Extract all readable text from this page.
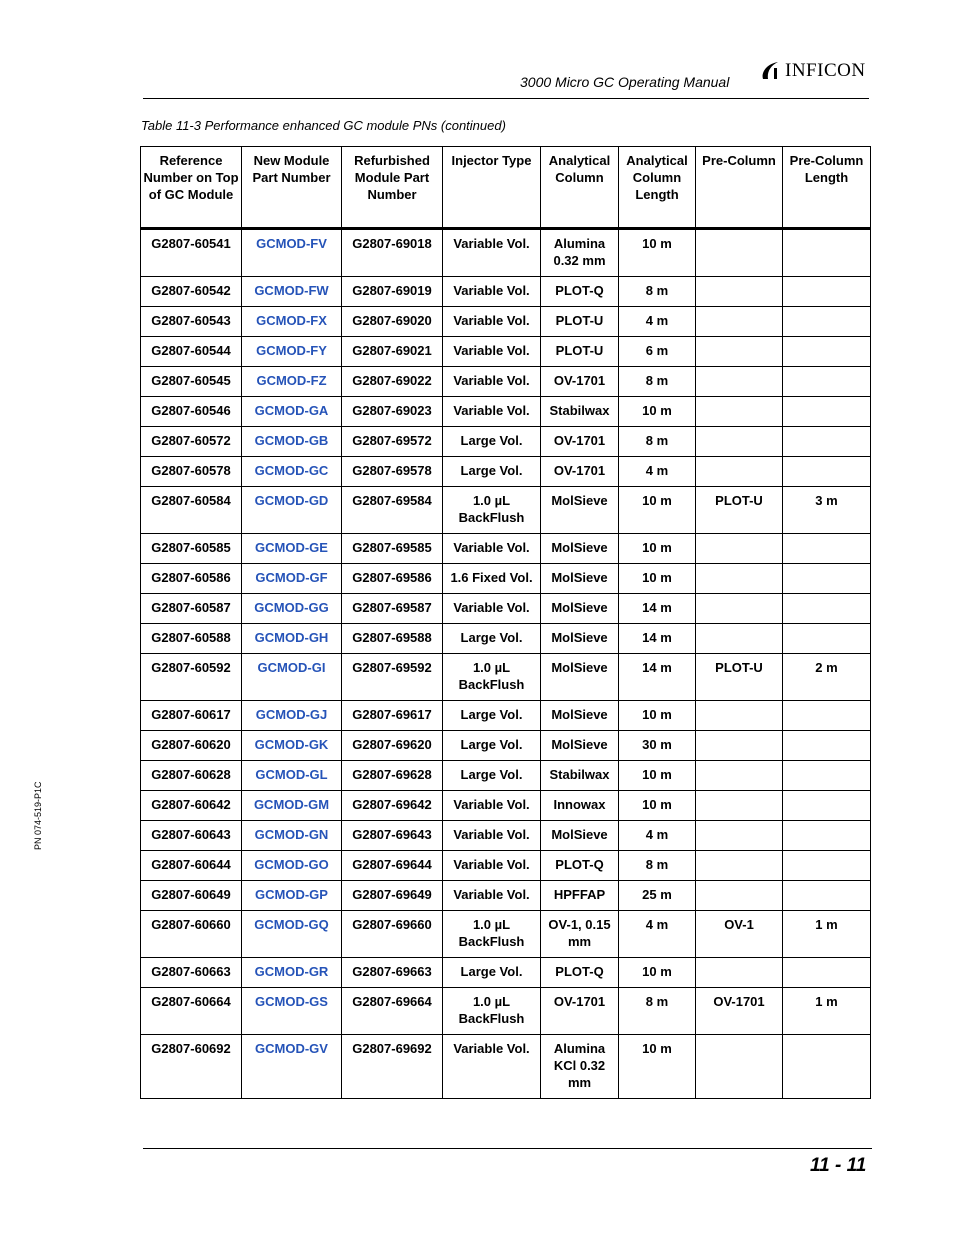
3000 Micro GC Operating Manual
INFICON
Table 11-3 Performance enhanced GC module PNs (continued)
Reference Number on Top of GC Module	New Module Part Number	Refurbished Module Part Number	Injector Type	Analytical Column	Analytical Column Length	Pre-Column	Pre-Column Length
G2807-60541	GCMOD-FV	G2807-69018	Variable Vol.	Alumina 0.32 mm	10 m		
G2807-60542	GCMOD-FW	G2807-69019	Variable Vol.	PLOT-Q	8 m		
G2807-60543	GCMOD-FX	G2807-69020	Variable Vol.	PLOT-U	4 m		
G2807-60544	GCMOD-FY	G2807-69021	Variable Vol.	PLOT-U	6 m		
G2807-60545	GCMOD-FZ	G2807-69022	Variable Vol.	OV-1701	8 m		
G2807-60546	GCMOD-GA	G2807-69023	Variable Vol.	Stabilwax	10 m		
G2807-60572	GCMOD-GB	G2807-69572	Large Vol.	OV-1701	8 m		
G2807-60578	GCMOD-GC	G2807-69578	Large Vol.	OV-1701	4 m		
G2807-60584	GCMOD-GD	G2807-69584	1.0 µL BackFlush	MolSieve	10 m	PLOT-U	3 m
G2807-60585	GCMOD-GE	G2807-69585	Variable Vol.	MolSieve	10 m		
G2807-60586	GCMOD-GF	G2807-69586	1.6 Fixed Vol.	MolSieve	10 m		
G2807-60587	GCMOD-GG	G2807-69587	Variable Vol.	MolSieve	14 m		
G2807-60588	GCMOD-GH	G2807-69588	Large Vol.	MolSieve	14 m		
G2807-60592	GCMOD-GI	G2807-69592	1.0 µL BackFlush	MolSieve	14 m	PLOT-U	2 m
G2807-60617	GCMOD-GJ	G2807-69617	Large Vol.	MolSieve	10 m		
G2807-60620	GCMOD-GK	G2807-69620	Large Vol.	MolSieve	30 m		
G2807-60628	GCMOD-GL	G2807-69628	Large Vol.	Stabilwax	10 m		
G2807-60642	GCMOD-GM	G2807-69642	Variable Vol.	Innowax	10 m		
G2807-60643	GCMOD-GN	G2807-69643	Variable Vol.	MolSieve	4 m		
G2807-60644	GCMOD-GO	G2807-69644	Variable Vol.	PLOT-Q	8 m		
G2807-60649	GCMOD-GP	G2807-69649	Variable Vol.	HPFFAP	25 m		
G2807-60660	GCMOD-GQ	G2807-69660	1.0 µL BackFlush	OV-1, 0.15 mm	4 m	OV-1	1 m
G2807-60663	GCMOD-GR	G2807-69663	Large Vol.	PLOT-Q	10 m		
G2807-60664	GCMOD-GS	G2807-69664	1.0 µL BackFlush	OV-1701	8 m	OV-1701	1 m
G2807-60692	GCMOD-GV	G2807-69692	Variable Vol.	Alumina KCl 0.32 mm	10 m		
PN 074-519-P1C
11 - 11
